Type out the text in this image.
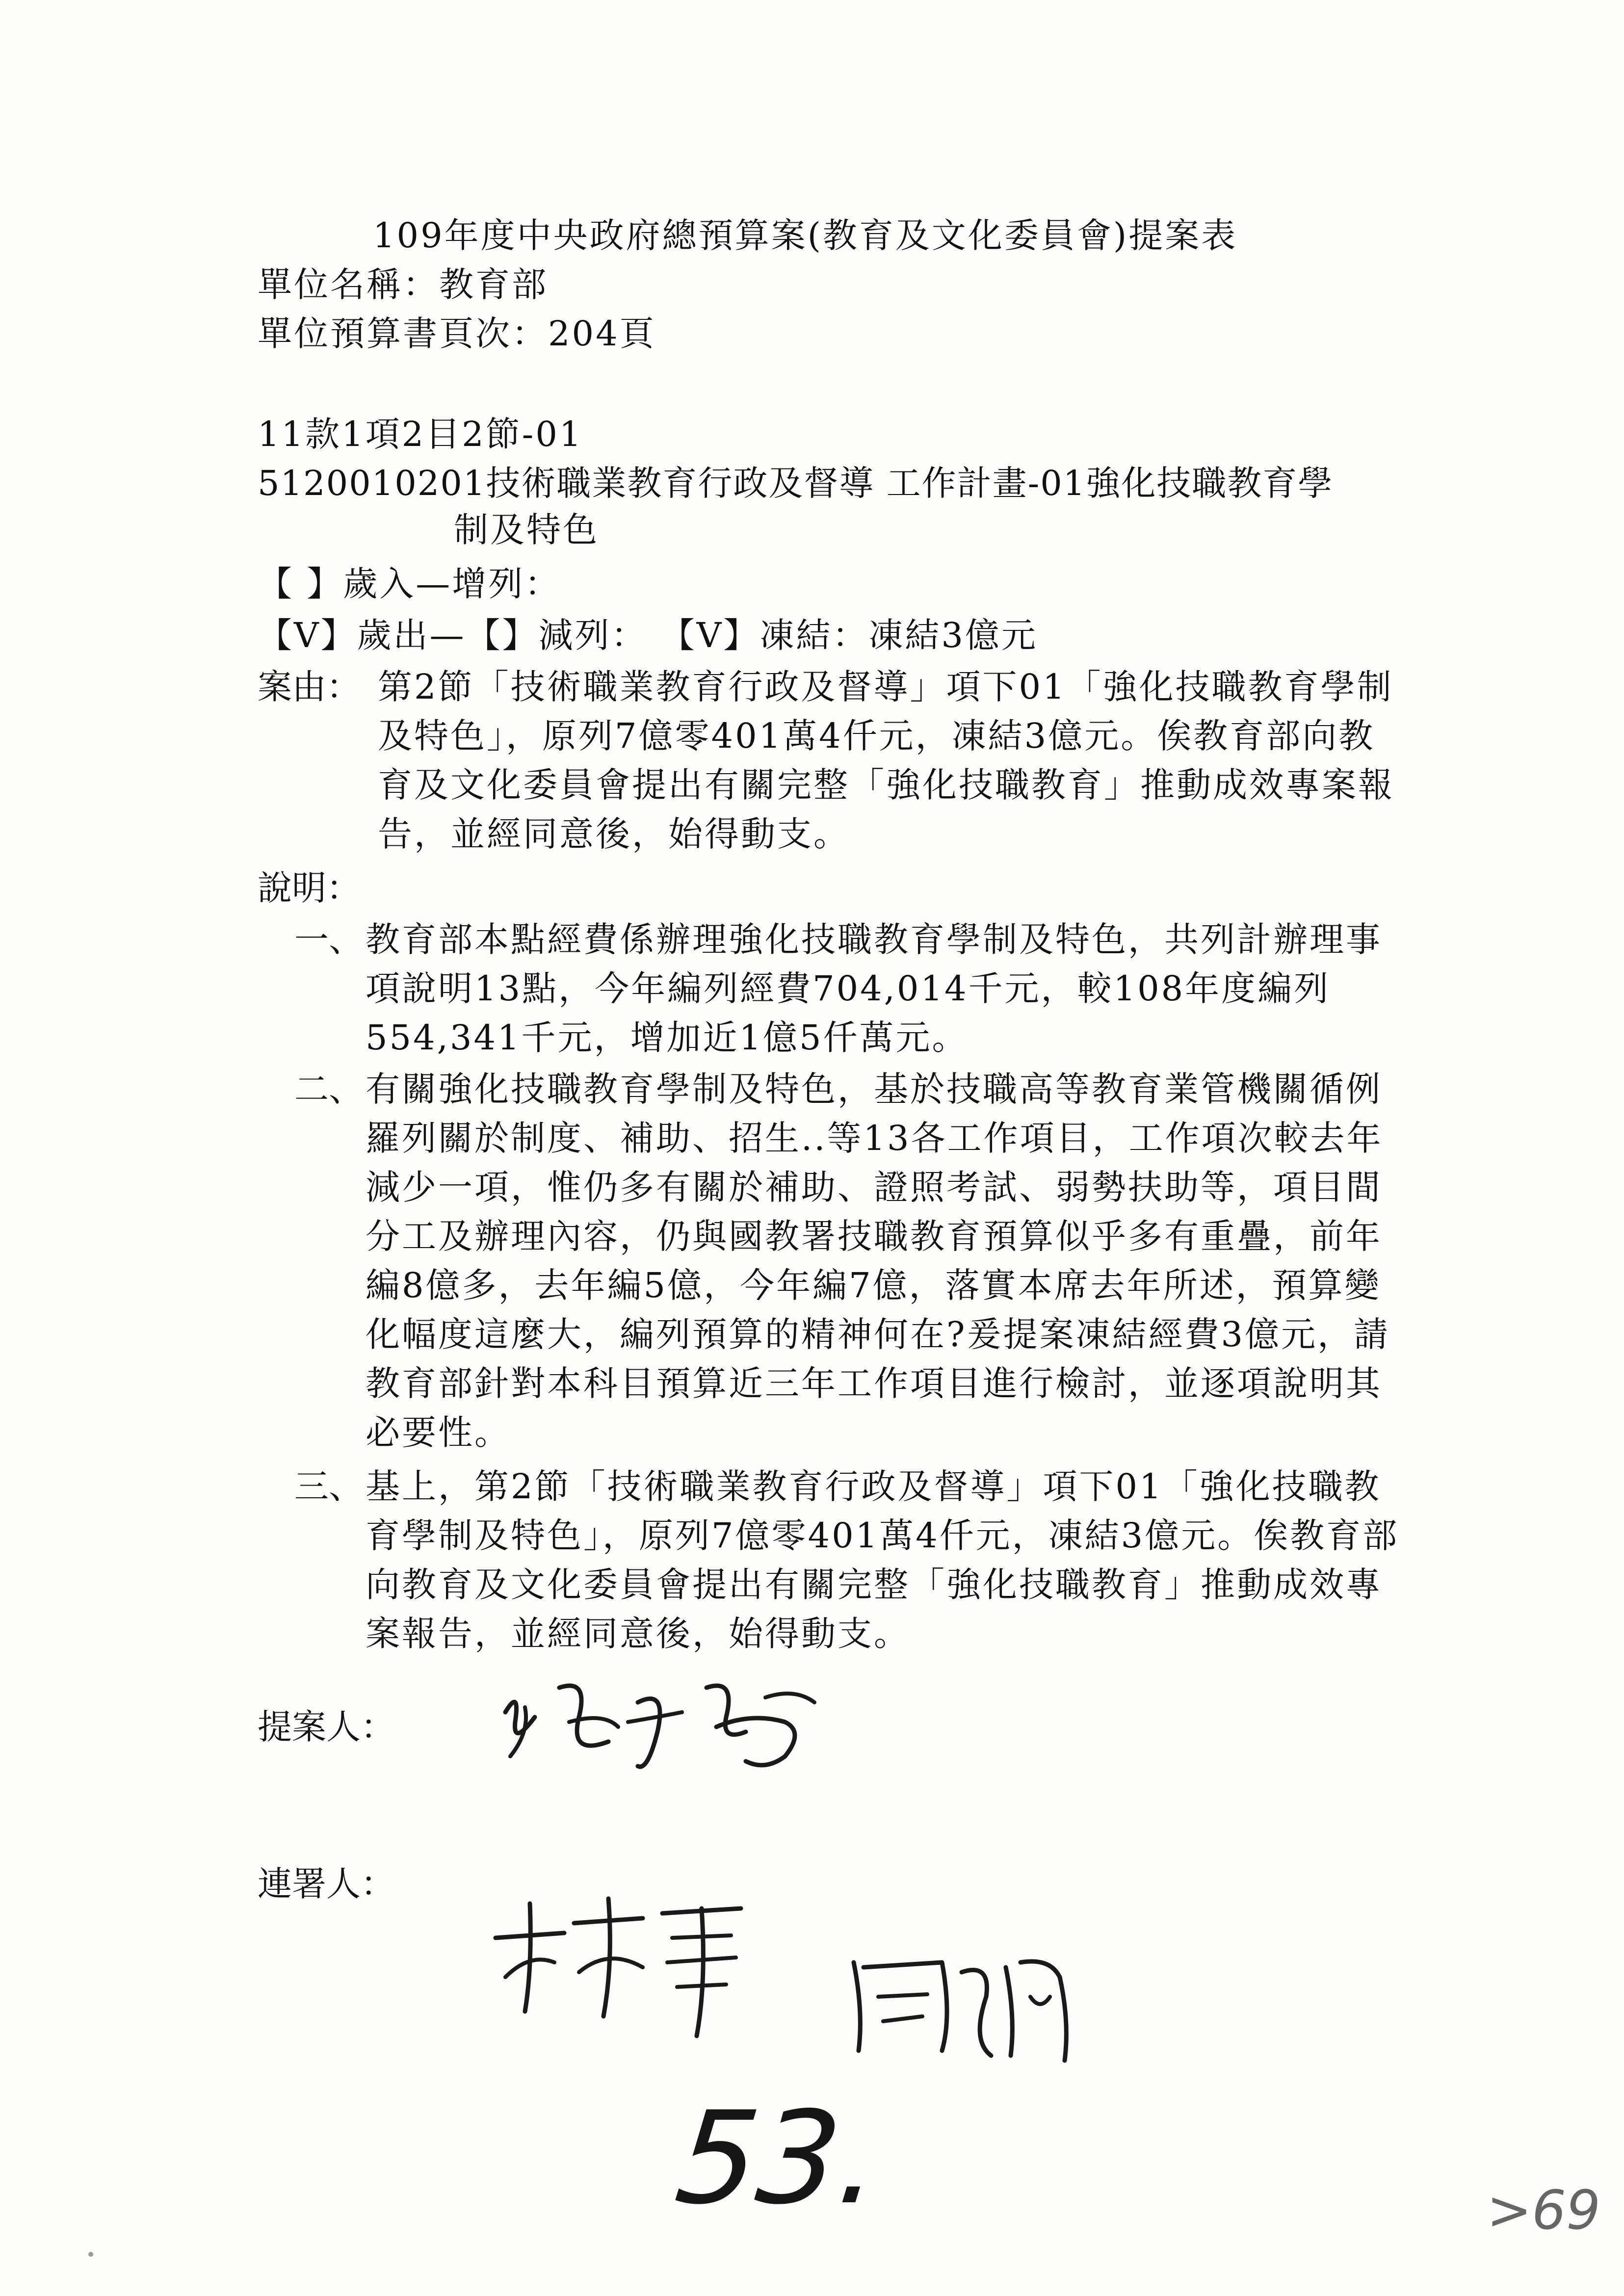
109年度中央政府總預算案(教育及文化委員會)提案表
單位名稱：教育部
單位預算書頁次：204頁
11款1項2目2節-01
5120010201技術職業教育行政及督導 工作計畫-01強化技職教育學
制及特色
【 】歲入—增列：
【V】歲出—【】減列： 【V】凍結：凍結3億元
案由： 第2節「技術職業教育行政及督導」項下01「強化技職教育學制及特色」，原列7億零401萬4仟元，凍結3億元。俟教育部向教育及文化委員會提出有關完整「強化技職教育」推動成效專案報告，並經同意後，始得動支。
說明：
一、 教育部本點經費係辦理強化技職教育學制及特色，共列計辦理事項說明13點，今年編列經費704,014千元，較108年度編列554,341千元，增加近1億5仟萬元。
二、 有關強化技職教育學制及特色，基於技職高等教育業管機關循例羅列關於制度、補助、招生..等13各工作項目，工作項次較去年減少一項，惟仍多有關於補助、證照考試、弱勢扶助等，項目間分工及辦理內容，仍與國教署技職教育預算似乎多有重疊，前年編8億多，去年編5億，今年編7億，落實本席去年所述，預算變化幅度這麼大，編列預算的精神何在?爰提案凍結經費3億元，請教育部針對本科目預算近三年工作項目進行檢討，並逐項說明其必要性。
三、 基上，第2節「技術職業教育行政及督導」項下01「強化技職教育學制及特色」，原列7億零401萬4仟元，凍結3億元。俟教育部向教育及文化委員會提出有關完整「強化技職教育」推動成效專案報告，並經同意後，始得動支。
提案人：
連署人：
53.	>69
